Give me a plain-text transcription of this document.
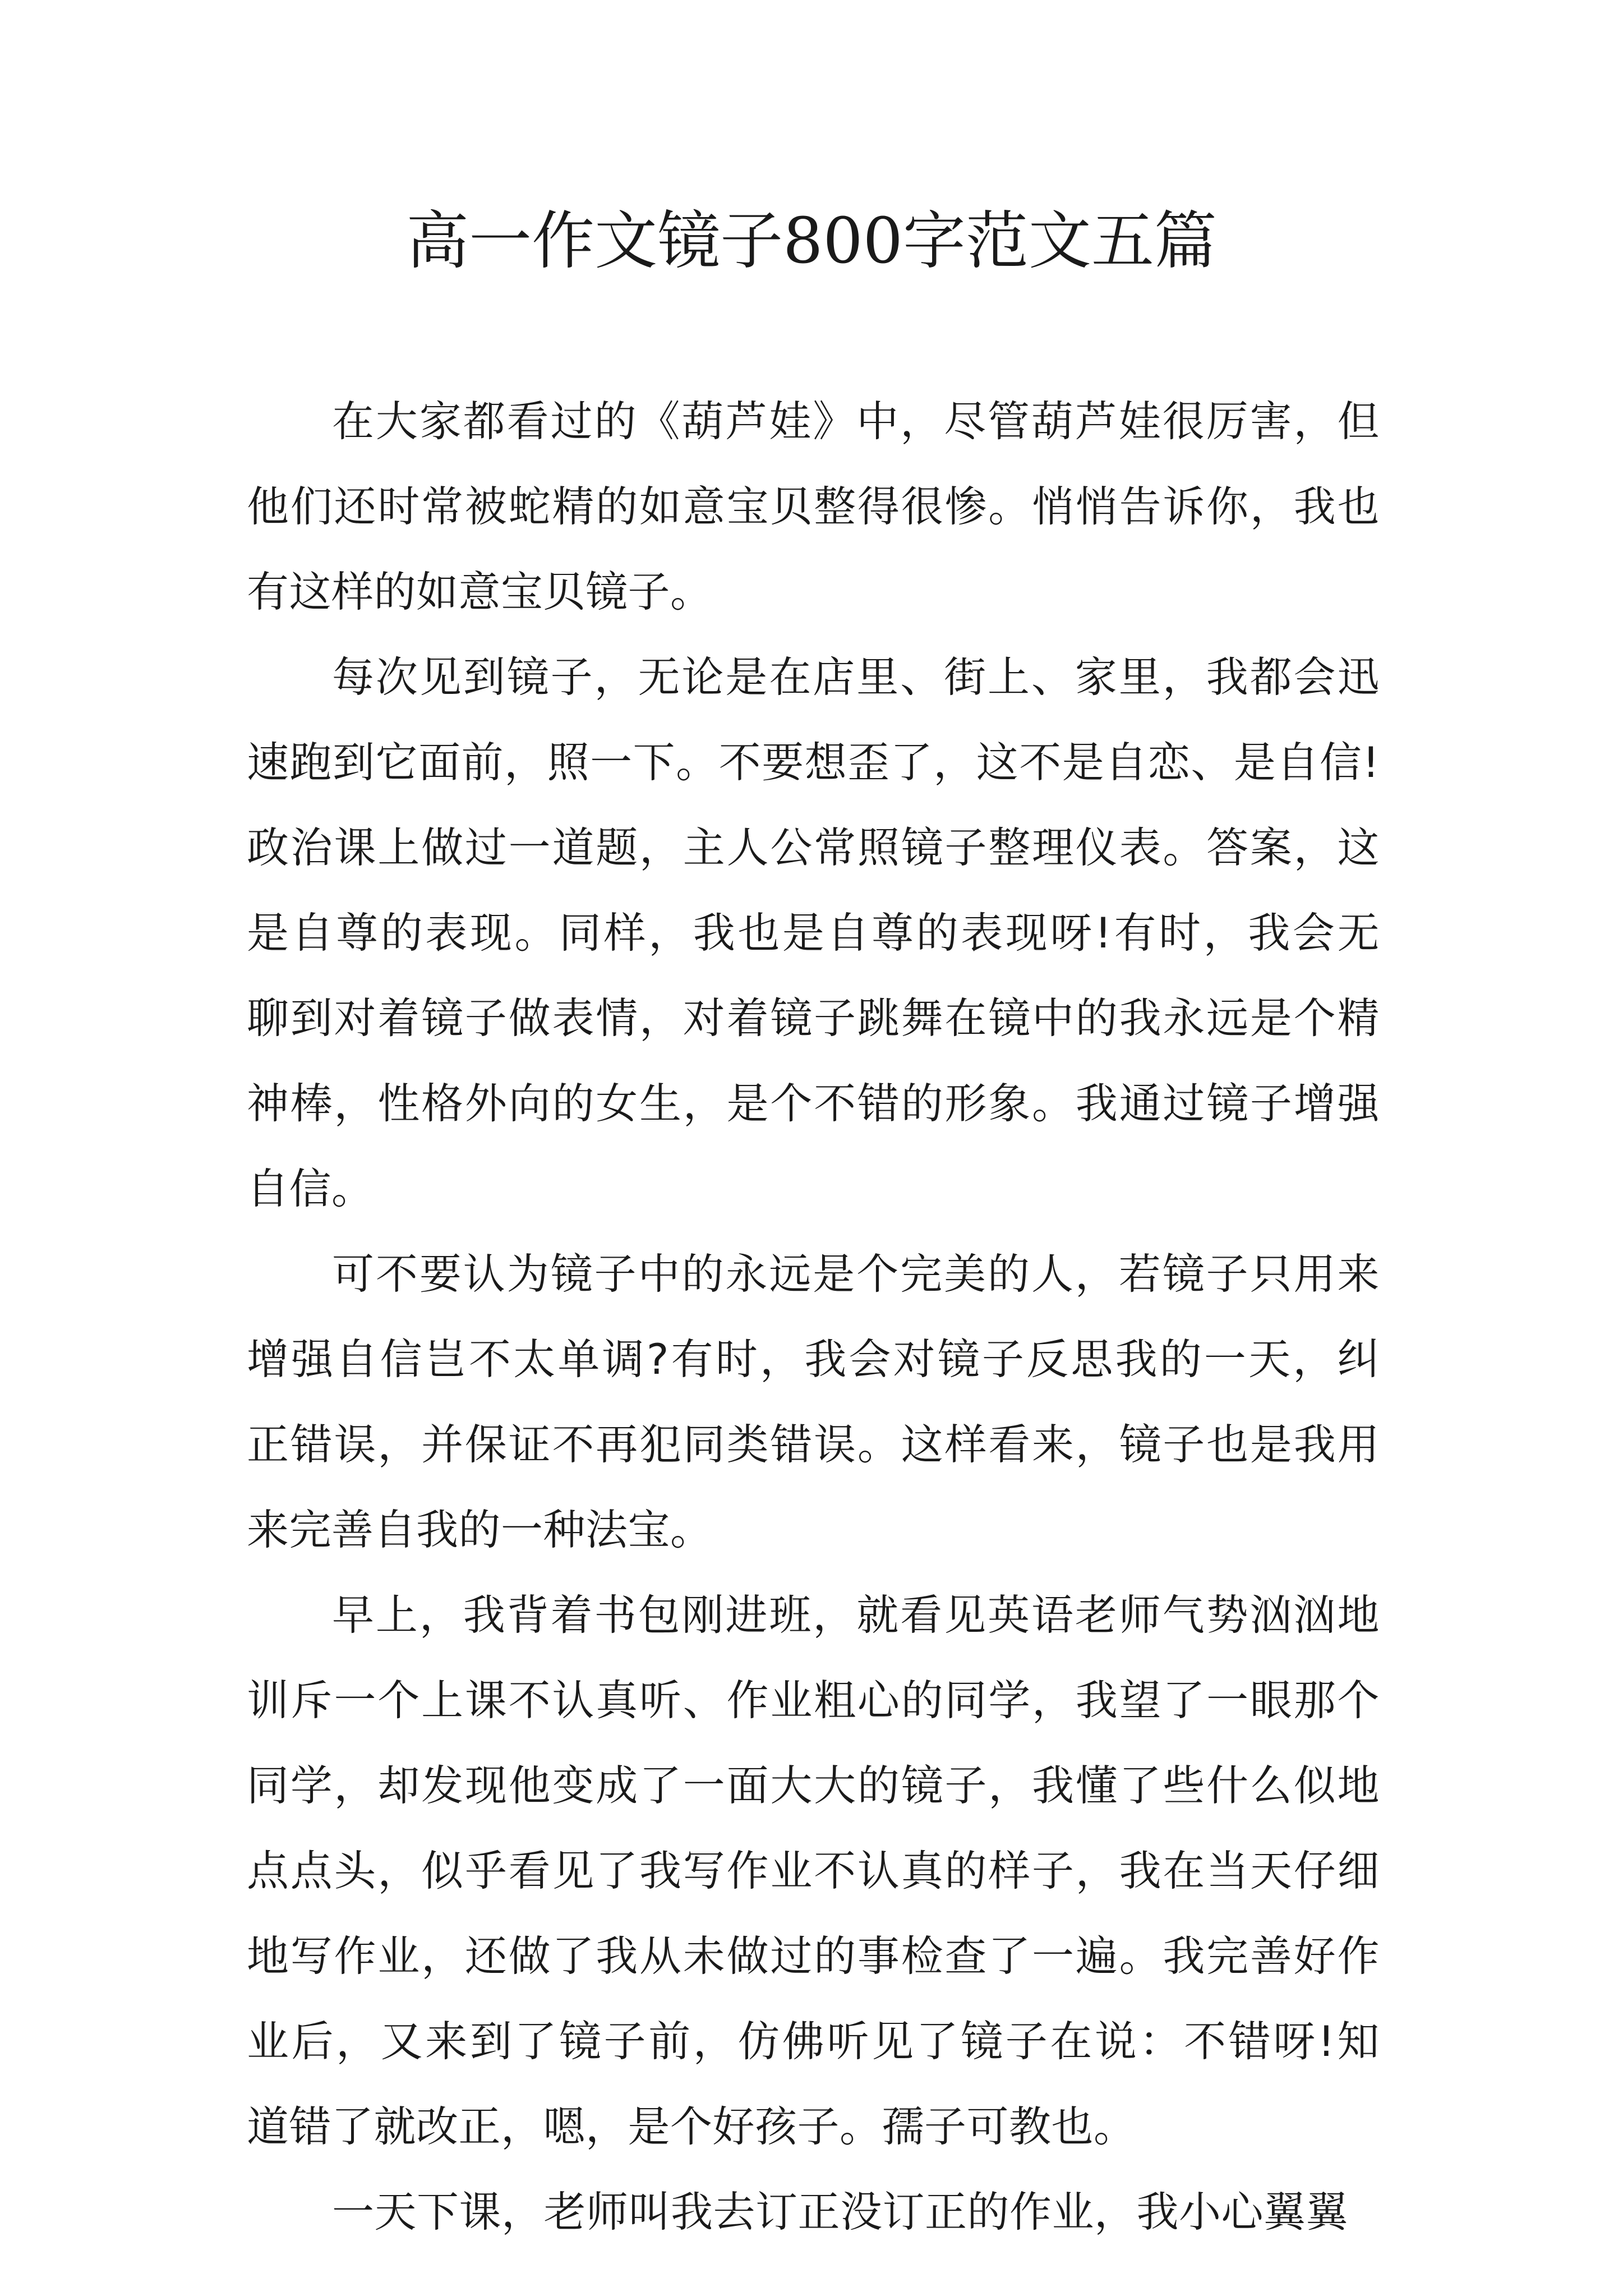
高一作文镜子800字范文五篇
在大家都看过的《葫芦娃》中，尽管葫芦娃很厉害，但
他们还时常被蛇精的如意宝贝整得很惨。悄悄告诉你，我也
有这样的如意宝贝镜子。
每次见到镜子，无论是在店里、街上、家里，我都会迅
速跑到它面前，照一下。不要想歪了，这不是自恋、是自信!
政治课上做过一道题，主人公常照镜子整理仪表。答案，这
是自尊的表现。同样，我也是自尊的表现呀!有时，我会无
聊到对着镜子做表情，对着镜子跳舞在镜中的我永远是个精
神棒，性格外向的女生，是个不错的形象。我通过镜子增强
自信。
可不要认为镜子中的永远是个完美的人，若镜子只用来
增强自信岂不太单调?有时，我会对镜子反思我的一天，纠
正错误，并保证不再犯同类错误。这样看来，镜子也是我用
来完善自我的一种法宝。
早上，我背着书包刚进班，就看见英语老师气势汹汹地
训斥一个上课不认真听、作业粗心的同学，我望了一眼那个
同学，却发现他变成了一面大大的镜子，我懂了些什么似地
点点头，似乎看见了我写作业不认真的样子，我在当天仔细
地写作业，还做了我从未做过的事检查了一遍。我完善好作
业后，又来到了镜子前，仿佛听见了镜子在说：不错呀!知
道错了就改正，嗯，是个好孩子。孺子可教也。
一天下课，老师叫我去订正没订正的作业，我小心翼翼
